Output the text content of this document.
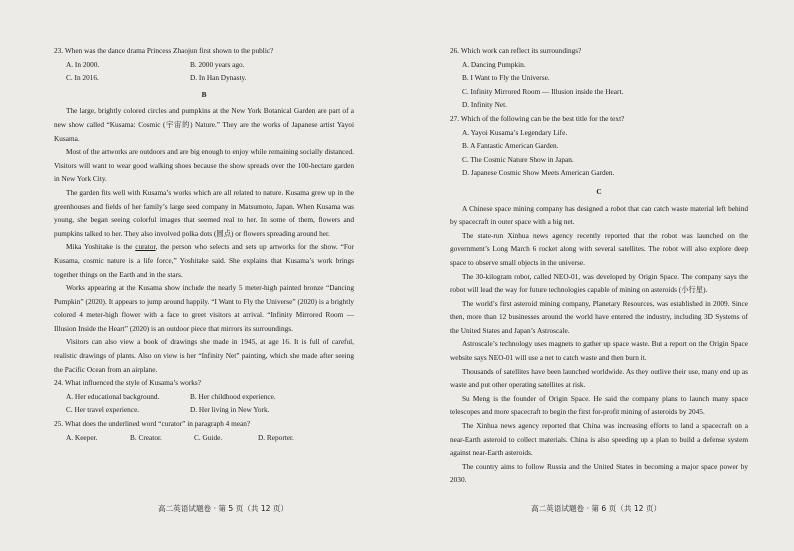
23. When was the dance drama Princess Zhaojun first shown to the public?

A. In 2000.	B. 2000 years ago.
C. In 2016.	D. In Han Dynasty.
B

The large, brightly colored circles and pumpkins at the New York Botanical Garden are part of a new show called “Kusama: Cosmic (宇宙的) Nature.” They are the works of Japanese artist Yayoi Kusama.

Most of the artworks are outdoors and are big enough to enjoy while remaining socially distanced. Visitors will want to wear good walking shoes because the show spreads over the 100-hectare garden in New York City.

The garden fits well with Kusama’s works which are all related to nature. Kusama grew up in the greenhouses and fields of her family’s large seed company in Matsumoto, Japan. When Kusama was young, she began seeing colorful images that seemed real to her. In some of them, flowers and pumpkins talked to her. They also involved polka dots (圆点) or flowers spreading around her.

Mika Yoshitake is the curator, the person who selects and sets up artworks for the show. “For Kusama, cosmic nature is a life force,” Yoshitake said. She explains that Kusama’s work brings together things on the Earth and in the stars.

Works appearing at the Kusama show include the nearly 5 meter-high painted bronze “Dancing Pumpkin” (2020). It appears to jump around happily. “I Want to Fly the Universe” (2020) is a brightly colored 4 meter-high flower with a face to greet visitors at arrival. “Infinity Mirrored Room — Illusion Inside the Heart” (2020) is an outdoor piece that mirrors its surroundings.

Visitors can also view a book of drawings she made in 1945, at age 16. It is full of careful, realistic drawings of plants. Also on view is her “Infinity Net” painting, which she made after seeing the Pacific Ocean from an airplane.

24. What influenced the style of Kusama’s works?

A. Her educational background.	B. Her childhood experience.
C. Her travel experience.	D. Her living in New York.

25. What does the underlined word “curator” in paragraph 4 mean?

A. Keeper.	B. Creator.	C. Guide.	D. Reporter.
高二英语试题卷 · 第 5 页（共 12 页）

26. Which work can reflect its surroundings?

A. Dancing Pumpkin.

B. I Want to Fly the Universe.

C. Infinity Mirrored Room — Illusion inside the Heart.

D. Infinity Net.

27. Which of the following can be the best title for the text?

A. Yayoi Kusama’s Legendary Life.

B. A Fantastic American Garden.

C. The Cosmic Nature Show in Japan.

D. Japanese Cosmic Show Meets American Garden.

C

A Chinese space mining company has designed a robot that can catch waste material left behind by spacecraft in outer space with a big net.

The state-run Xinhua news agency recently reported that the robot was launched on the government’s Long March 6 rocket along with several satellites. The robot will also explore deep space to observe small objects in the universe.

The 30-kilogram robot, called NEO-01, was developed by Origin Space. The company says the robot will lead the way for future technologies capable of mining on asteroids (小行星).

The world’s first asteroid mining company, Planetary Resources, was established in 2009. Since then, more than 12 businesses around the world have entered the industry, including 3D Systems of the United States and Japan’s Astroscale.

Astroscale’s technology uses magnets to gather up space waste. But a report on the Origin Space website says NEO-01 will use a net to catch waste and then burn it.

Thousands of satellites have been launched worldwide. As they outlive their use, many end up as waste and put other operating satellites at risk.

Su Meng is the founder of Origin Space. He said the company plans to launch many space telescopes and more spacecraft to begin the first for-profit mining of asteroids by 2045.

The Xinhua news agency reported that China was increasing efforts to land a spacecraft on a near-Earth asteroid to collect materials. China is also speeding up a plan to build a defense system against near-Earth asteroids.

The country aims to follow Russia and the United States in becoming a major space power by 2030.

高二英语试题卷 · 第 6 页（共 12 页）
